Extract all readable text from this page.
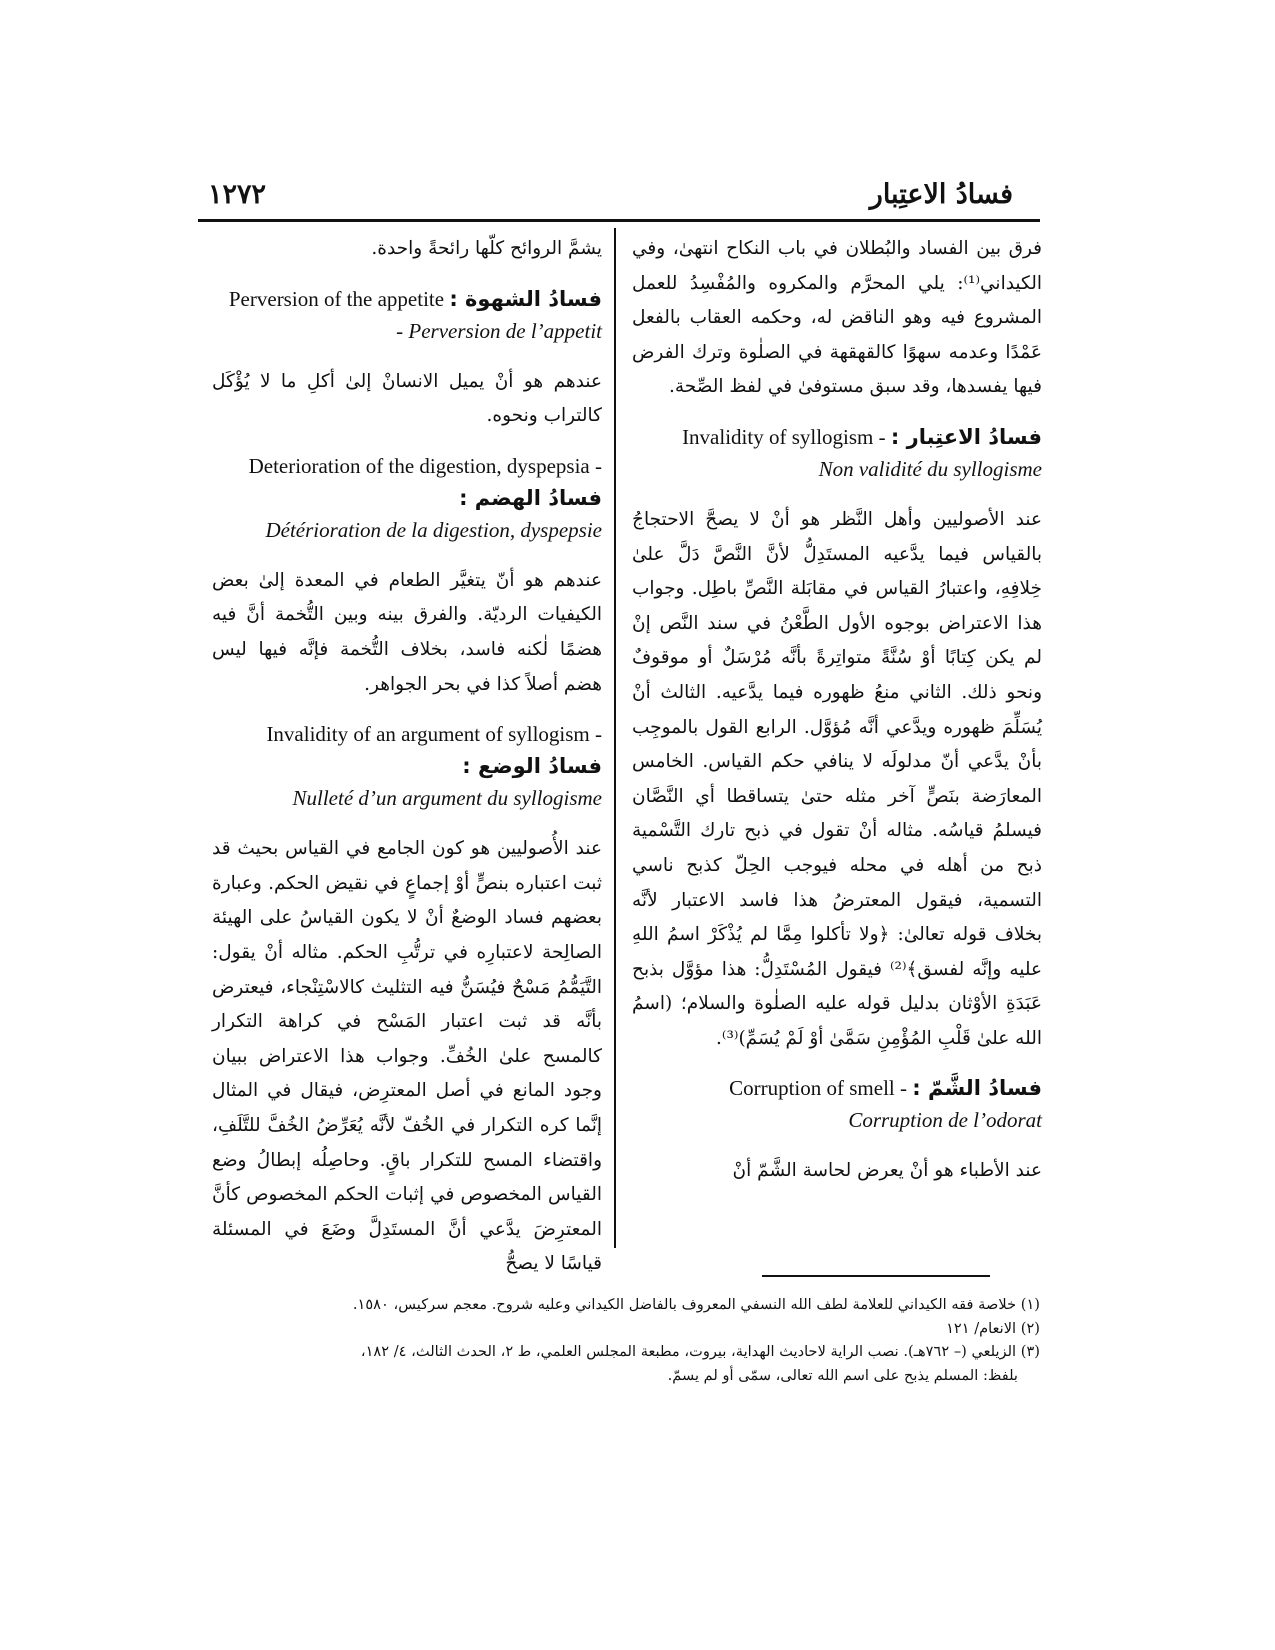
فسادُ الاعتِبار
١٢٧٢

فرق بين الفساد والبُطلان في باب النكاح انتهىٰ، وفي الكيداني⁽¹⁾: يلي المحرَّم والمكروه والمُفْسِدُ للعمل المشروع فيه وهو الناقض له، وحكمه العقاب بالفعل عَمْدًا وعدمه سهوًا كالقهقهة في الصلٰوة وترك الفرض فيها يفسدها، وقد سبق مستوفىٰ في لفظ الصِّحة.

Invalidity of syllogism - فسادُ الاعتِبار :
Non validité du syllogisme

عند الأصوليين وأهل النَّظر هو أنْ لا يصحَّ الاحتجاجُ بالقياس فيما يدَّعيه المستَدِلُّ لأنَّ النَّصَّ دَلَّ علىٰ خِلافِهِ، واعتبارُ القياس في مقابَلة النَّصِّ باطِل. وجواب هذا الاعتراض بوجوه الأول الطَّعْنُ في سند النَّص إنْ لم يكن كِتابًا أوْ سُنَّةً متواتِرةً بأنَّه مُرْسَلٌ أو موقوفٌ ونحو ذلك. الثاني منعُ ظهوره فيما يدَّعيه. الثالث أنْ يُسَلِّمَ ظهوره ويدَّعي أنَّه مُؤوَّل. الرابع القول بالموجِب بأنْ يدَّعي أنّ مدلولَه لا ينافي حكم القياس. الخامس المعارَضة بنَصٍّ آخر مثله حتىٰ يتساقطا أي النَّصَّان فيسلمُ قياسُه. مثاله أنْ تقول في ذبح تارك التَّسْمية ذبح من أهله في محله فيوجب الحِلّ كذبح ناسي التسمية، فيقول المعترضُ هذا فاسد الاعتبار لأنَّه بخلاف قوله تعالىٰ: ﴿ولا تأكلوا مِمَّا لم يُذْكَرْ اسمُ اللهِ عليه وإنَّه لفسق﴾⁽²⁾ فيقول المُسْتَدِلُّ: هذا مؤوَّل بذبح عَبَدَةِ الأوْثان بدليل قوله عليه الصلٰوة والسلام؛ (اسمُ الله علىٰ قَلْبِ المُؤْمِنِ سَمَّىٰ أوْ لَمْ يُسَمِّ)⁽³⁾.

Corruption of smell - فسادُ الشَّمّ :
Corruption de l’odorat

عند الأطباء هو أنْ يعرض لحاسة الشَّمّ أنْ

يشمَّ الروائح كلّها رائحةً واحدة.

Perversion of the appetite فسادُ الشهوة :
- Perversion de l’appetit

عندهم هو أنْ يميل الانسانْ إلىٰ أكلِ ما لا يُؤْكَل كالتراب ونحوه.

Deterioration of the digestion, dyspepsia - فسادُ الهضم :
Détérioration de la digestion, dyspepsie

عندهم هو أنّ يتغيَّر الطعام في المعدة إلىٰ بعض الكيفيات الرديّة. والفرق بينه وبين التُّخمة أنَّ فيه هضمًا لٰكنه فاسد، بخلاف التُّخمة فإنَّه فيها ليس هضم أصلاً كذا في بحر الجواهر.

Invalidity of an argument of syllogism - فسادُ الوضع :
Nulleté d’un argument du syllogisme

عند الأُصوليين هو كون الجامع في القياس بحيث قد ثبت اعتباره بنصٍّ أوْ إجماعٍ في نقيض الحكم. وعبارة بعضهم فساد الوضعٌ أنْ لا يكون القياسُ على الهيئة الصالِحة لاعتبارِه في ترتُّبِ الحكم. مثاله أنْ يقول: التَّيَمُّمُ مَسْحٌ فيُسَنُّ فيه التثليث كالاسْتِنْجاء، فيعترض بأنَّه قد ثبت اعتبار المَسْح في كراهة التكرار كالمسح علىٰ الخُفِّ. وجواب هذا الاعتراض ببيان وجود المانع في أصل المعترِض، فيقال في المثال إنَّما كره التكرار في الخُفّ لأنَّه يُعَرِّضُ الخُفَّ للتَّلَفِ، واقتضاء المسح للتكرار باقٍ. وحاصِلُه إبطالُ وضع القياس المخصوص في إثبات الحكم المخصوص كأنَّ المعترِضَ يدَّعي أنَّ المستَدِلَّ وضَعَ في المسئلة قياسًا لا يصحُّ

(١) خلاصة فقه الكيداني للعلامة لطف الله النسفي المعروف بالفاضل الكيداني وعليه شروح. معجم سركيس، ١٥٨٠.

(٢) الانعام/ ١٢١

(٣) الزيلعي (– ٧٦٢هـ). نصب الراية لاحاديث الهداية، بيروت، مطبعة المجلس العلمي، ط ٢، الحدث الثالث، ٤/ ١٨٢،

بلفظ: المسلم يذبح على اسم الله تعالى، سمّى أو لم يسمّ.
